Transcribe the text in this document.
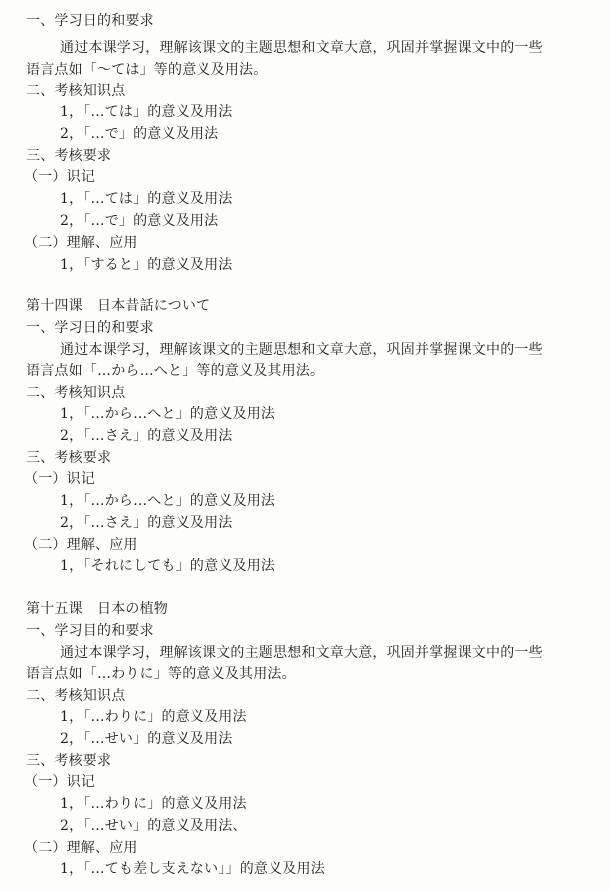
一、学习日的和要求
通过本课学习，理解该课文的主题思想和文章大意，巩固并掌握课文中的一些
语言点如「〜ては」等的意义及用法。
二、考核知识点
1，「…ては」的意义及用法
2，「…で」的意义及用法
三、考核要求
（一）识记
1，「…ては」的意义及用法
2，「…で」的意义及用法
（二）理解、应用
1，「すると」的意义及用法
第十四课　日本昔話について
一、学习日的和要求
通过本课学习，理解该课文的主题思想和文章大意，巩固并掌握课文中的一些
语言点如「…から…へと」等的意义及其用法。
二、考核知识点
1，「…から…へと」的意义及用法
2，「…さえ」的意义及用法
三、考核要求
（一）识记
1，「…から…へと」的意义及用法
2，「…さえ」的意义及用法
（二）理解、应用
1，「それにしても」的意义及用法
第十五课　日本の植物
一、学习目的和要求
通过本课学习，理解该课文的主题思想和文章大意，巩固并掌握课文中的一些
语言点如「…わりに」等的意义及其用法。
二、考核知识点
1，「…わりに」的意义及用法
2，「…せい」的意义及用法
三、考核要求
（一）识记
1，「…わりに」的意义及用法
2，「…せい」的意义及用法、
（二）理解、应用
1，「…ても差し支えない」」的意义及用法
